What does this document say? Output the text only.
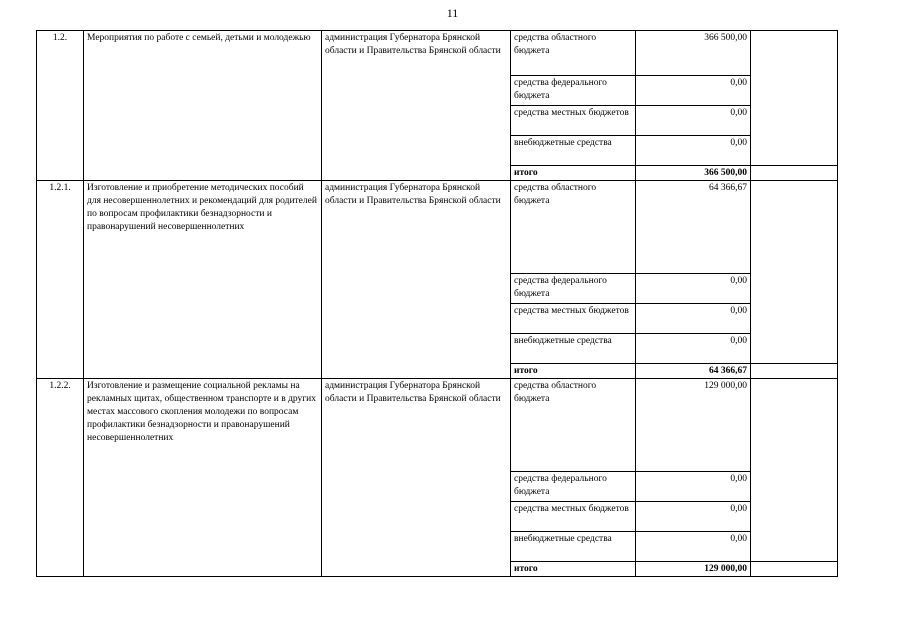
11
1.2.	Мероприятия по работе с семьей, детьми и молодежью	администрация Губернатора Брянской области и Правительства Брянской области	средства областного бюджета	366 500,00	
			средства федерального бюджета	0,00	
			средства местных бюджетов	0,00	
			внебюджетные средства	0,00	
			итого	366 500,00	
1.2.1.	Изготовление и приобретение методических пособий для несовершеннолетних и рекомендаций для родителей по вопросам профилактики безнадзорности и правонарушений несовершеннолетних	администрация Губернатора Брянской области и Правительства Брянской области	средства областного бюджета	64 366,67	
			средства федерального бюджета	0,00	
			средства местных бюджетов	0,00	
			внебюджетные средства	0,00	
			итого	64 366,67	
1.2.2.	Изготовление и размещение социальной рекламы на рекламных щитах, общественном транспорте и в других местах массового скопления молодежи по вопросам профилактики безнадзорности и правонарушений несовершеннолетних	администрация Губернатора Брянской области и Правительства Брянской области	средства областного бюджета	129 000,00	
			средства федерального бюджета	0,00	
			средства местных бюджетов	0,00	
			внебюджетные средства	0,00	
			итого	129 000,00	
